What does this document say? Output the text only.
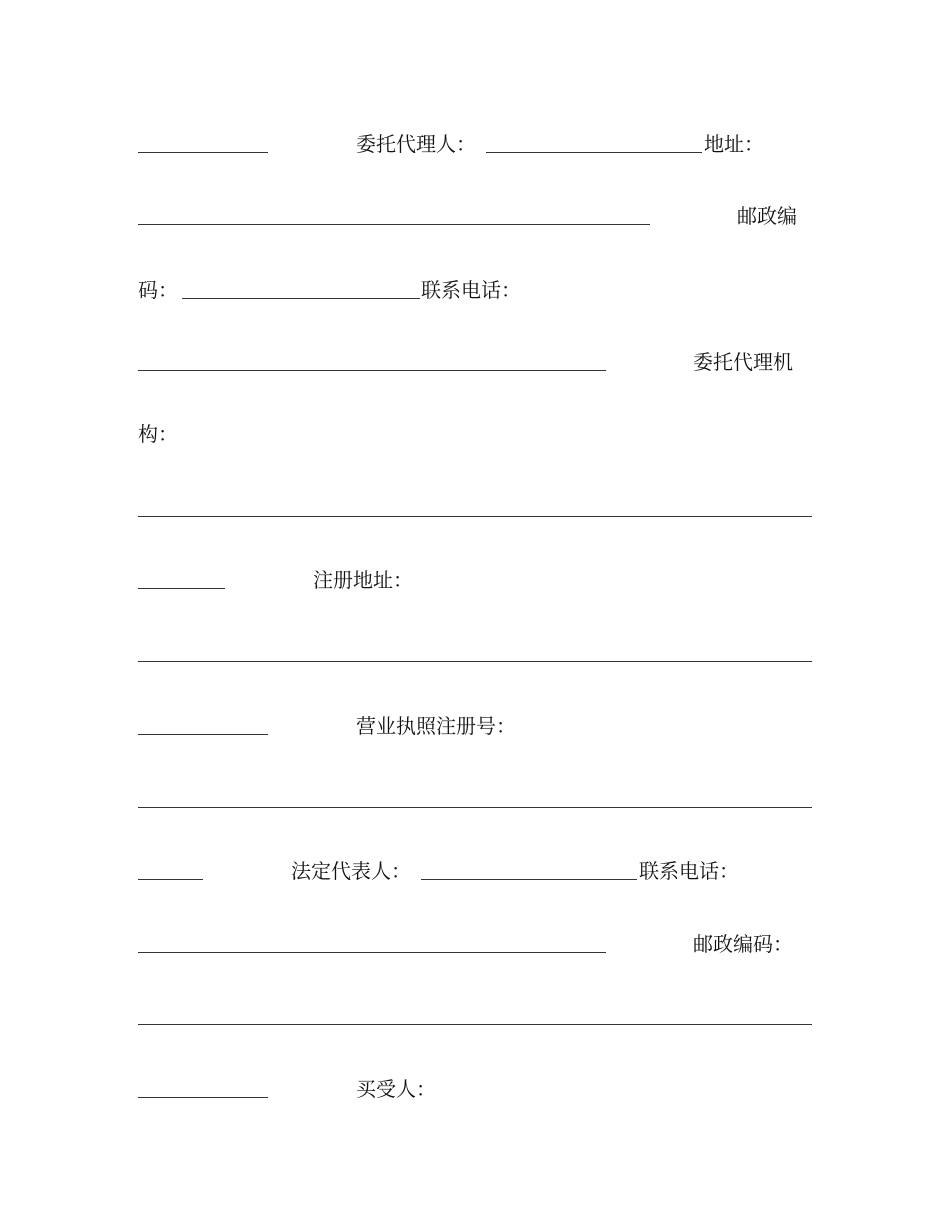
委托代理人：	地址：
邮政编
码：	联系电话：
委托代理机
构：
注册地址：
营业执照注册号：
法定代表人：	联系电话：
邮政编码：
买受人：
